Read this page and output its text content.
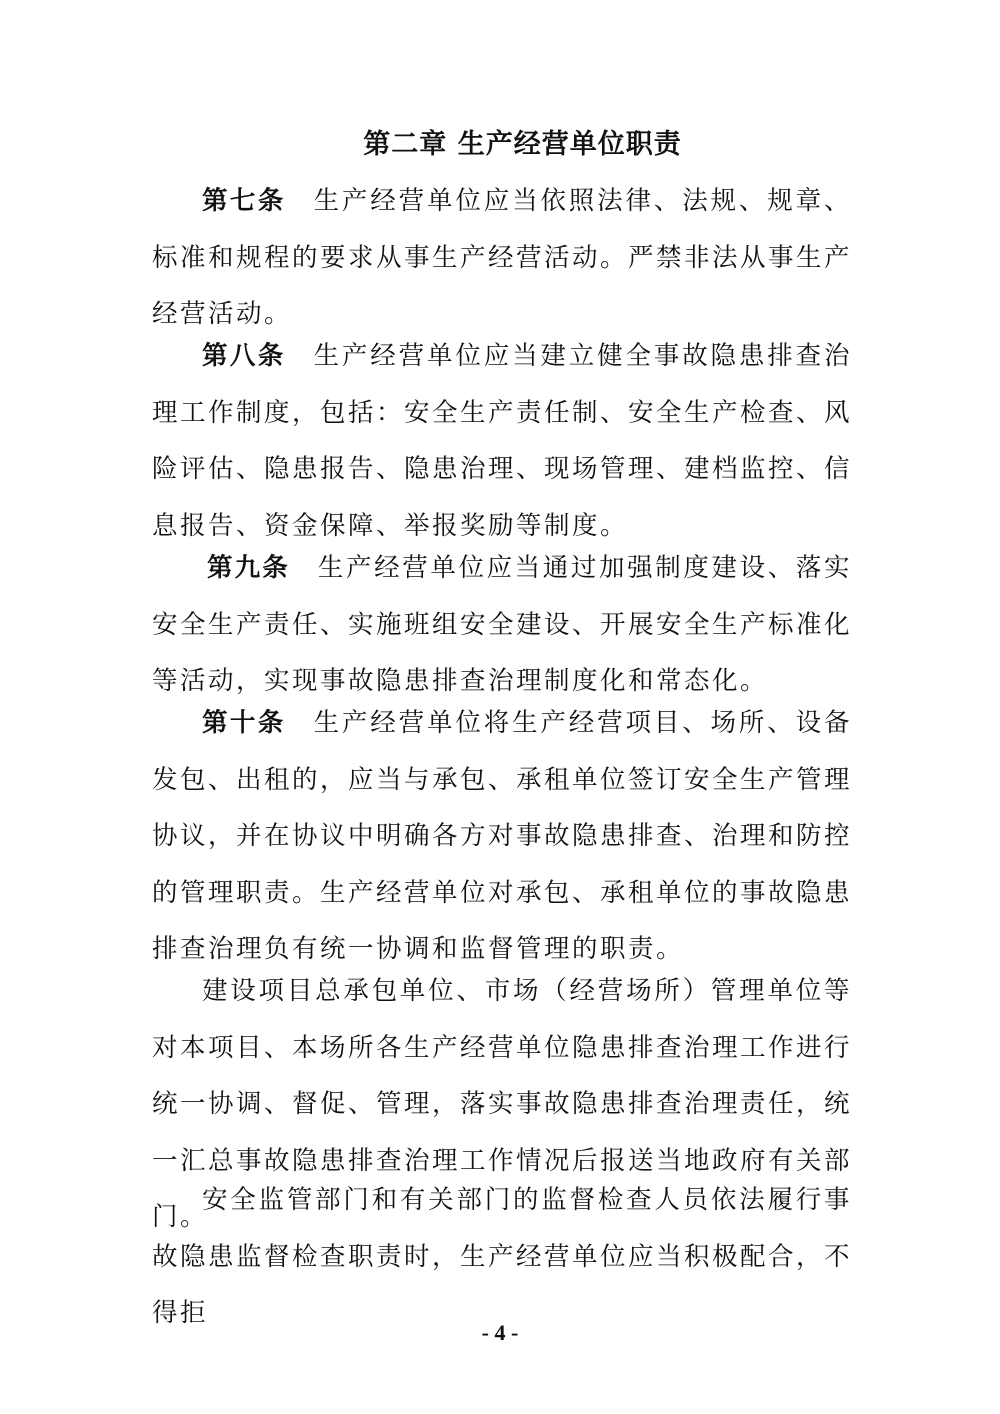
第二章 生产经营单位职责

第七条 生产经营单位应当依照法律、法规、规章、标准和规程的要求从事生产经营活动。严禁非法从事生产经营活动。

第八条 生产经营单位应当建立健全事故隐患排查治理工作制度，包括：安全生产责任制、安全生产检查、风险评估、隐患报告、隐患治理、现场管理、建档监控、信息报告、资金保障、举报奖励等制度。

第九条 生产经营单位应当通过加强制度建设、落实安全生产责任、实施班组安全建设、开展安全生产标准化等活动，实现事故隐患排查治理制度化和常态化。

第十条 生产经营单位将生产经营项目、场所、设备发包、出租的，应当与承包、承租单位签订安全生产管理协议，并在协议中明确各方对事故隐患排查、治理和防控的管理职责。生产经营单位对承包、承租单位的事故隐患排查治理负有统一协调和监督管理的职责。

建设项目总承包单位、市场（经营场所）管理单位等对本项目、本场所各生产经营单位隐患排查治理工作进行统一协调、督促、管理，落实事故隐患排查治理责任，统一汇总事故隐患排查治理工作情况后报送当地政府有关部门。

安全监管部门和有关部门的监督检查人员依法履行事故隐患监督检查职责时，生产经营单位应当积极配合，不得拒

- 4 -
